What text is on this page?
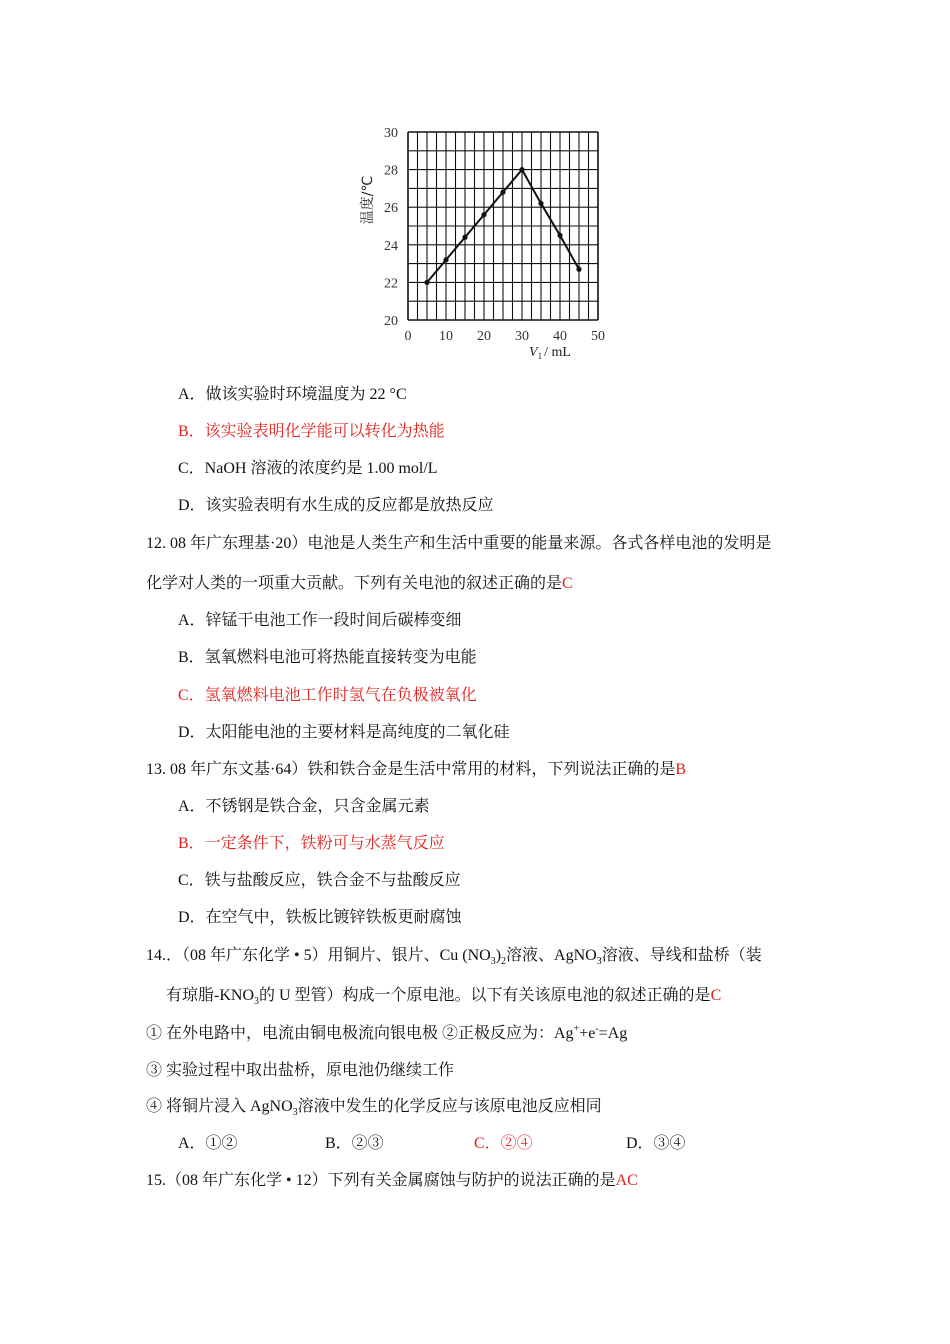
0 10 20 30 40 50
20
22
24
26
28
30
温度/℃
$V_1$ / mL
A．做该实验时环境温度为 22 °C
B．该实验表明化学能可以转化为热能
C．NaOH 溶液的浓度约是 1.00 mol/L
D．该实验表明有水生成的反应都是放热反应
12. 08 年广东理基·20）电池是人类生产和生活中重要的能量来源。各式各样电池的发明是
化学对人类的一项重大贡献。下列有关电池的叙述正确的是C
A．锌锰干电池工作一段时间后碳棒变细
B．氢氧燃料电池可将热能直接转变为电能
C．氢氧燃料电池工作时氢气在负极被氧化
D．太阳能电池的主要材料是高纯度的二氧化硅
13. 08 年广东文基·64）铁和铁合金是生活中常用的材料，下列说法正确的是B
A．不锈钢是铁合金，只含金属元素
B．一定条件下，铁粉可与水蒸气反应
C．铁与盐酸反应，铁合金不与盐酸反应
D．在空气中，铁板比镀锌铁板更耐腐蚀
14.．（08 年广东化学 • 5）用铜片、银片、Cu $(NO_3)_2$溶液、AgNO$_3$溶液、导线和盐桥（装
有琼脂$-KNO_3$的 U 型管）构成一个原电池。以下有关该原电池的叙述正确的是C
① 在外电路中，电流由铜电极流向银电极 ②正极反应为：Ag++e-=Ag
③ 实验过程中取出盐桥，原电池仍继续工作
④ 将铜片浸入 AgNO$_3$溶液中发生的化学反应与该原电池反应相同
A．①②	B．②③	C．②④	D．③④
15.（08 年广东化学 • 12）下列有关金属腐蚀与防护的说法正确的是AC
